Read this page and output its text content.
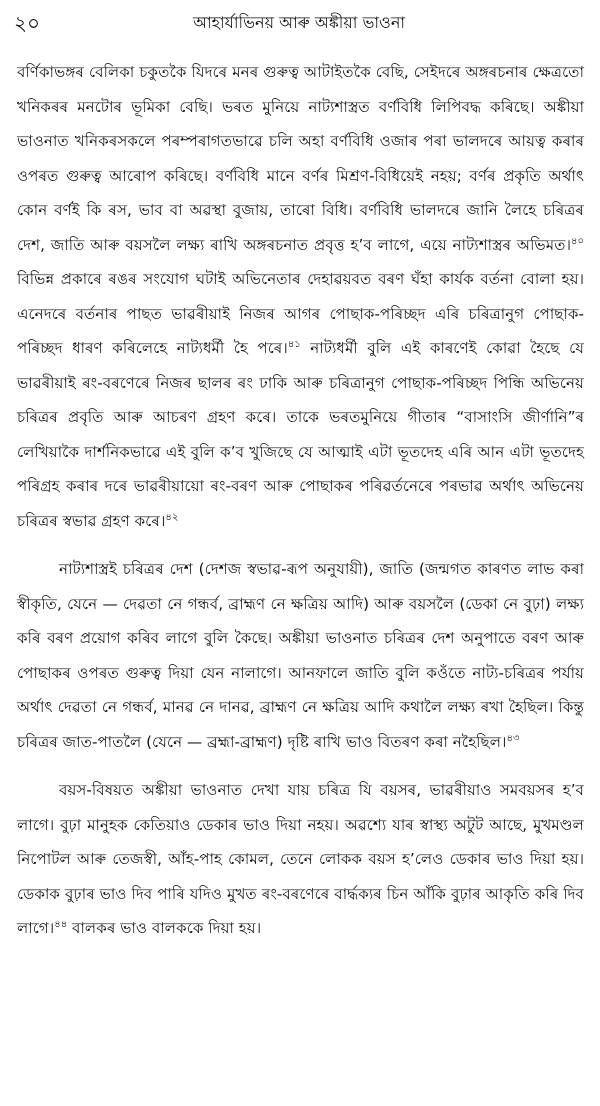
২০	আহাৰ্যাভিনয় আৰু অঙ্কীয়া ভাওনা

বৰ্ণিকাভঙ্গৰ বেলিকা চকুতকৈ যিদৰে মনৰ গুৰুত্ব আটাইতকৈ বেছি, সেইদৰে অঙ্গৰচনাৰ ক্ষেত্ৰতো খনিকৰৰ মনটোৰ ভূমিকা বেছি। ভৰত মুনিয়ে নাট্যশাস্ত্ৰত বৰ্ণবিধি লিপিবদ্ধ কৰিছে। অঙ্কীয়া ভাওনাত খনিকৰসকলে পৰম্পৰাগতভাৱে চলি অহা বৰ্ণবিধি ওজাৰ পৰা ভালদৰে আয়ত্ব কৰাৰ ওপৰত গুৰুত্ব আৰোপ কৰিছে। বৰ্ণবিধি মানে বৰ্ণৰ মিশ্ৰণ-বিধিয়েই নহয়; বৰ্ণৰ প্ৰকৃতি অৰ্থাৎ কোন বৰ্ণই কি ৰস, ভাব বা অৱস্থা বুজায়, তাৰো বিধি। বৰ্ণবিধি ভালদৰে জানি লৈহে চৰিত্ৰৰ দেশ, জাতি আৰু বয়সলৈ লক্ষ্য ৰাখি অঙ্গৰচনাত প্ৰবৃত্ত হ’ব লাগে, এয়ে নাট্যশাস্ত্ৰৰ অভিমত।$^{৪০}$ বিভিন্ন প্ৰকাৰে ৰঙৰ সংযোগ ঘটাই অভিনেতাৰ দেহাৱয়বত বৰণ ঘঁহা কাৰ্যক বৰ্তনা বোলা হয়। এনেদৰে বৰ্তনাৰ পাছত ভাৱৰীয়াই নিজৰ আগৰ পোছাক-পৰিচ্ছদ এৰি চৰিত্ৰানুগ পোছাক-পৰিচ্ছদ ধাৰণ কৰিলেহে নাট্যধৰ্মী হৈ পৰে।$^{৪১}$ নাট্যধৰ্মী বুলি এই কাৰণেই কোৱা হৈছে যে ভাৱৰীয়াই ৰং-বৰণেৰে নিজৰ ছালৰ ৰং ঢাকি আৰু চৰিত্ৰানুগ পোছাক-পৰিচ্ছদ পিন্ধি অভিনেয় চৰিত্ৰৰ প্ৰবৃতি আৰু আচৰণ গ্ৰহণ কৰে। তাকে ভৰতমুনিয়ে গীতাৰ “বাসাংসি জীৰ্ণানি”ৰ লেখিয়াকৈ দাৰ্শনিকভাৱে এই বুলি ক’ব খুজিছে যে আত্মাই এটা ভূতদেহ এৰি আন এটা ভূতদেহ পৰিগ্ৰহ কৰাৰ দৰে ভাৱৰীয়ায়ো ৰং-বৰণ আৰু পোছাকৰ পৰিৱৰ্তনেৰে পৰভাৱ অৰ্থাৎ অভিনেয় চৰিত্ৰৰ স্বভাৱ গ্ৰহণ কৰে।$^{৪২}$

নাট্যশাস্ত্ৰই চৰিত্ৰৰ দেশ (দেশজ স্বভাৱ-ৰূপ অনুযায়ী), জাতি (জন্মগত কাৰণত লাভ কৰা স্বীকৃতি, যেনে — দেৱতা নে গন্ধৰ্ব, ব্ৰাহ্মণ নে ক্ষত্ৰিয় আদি) আৰু বয়সলৈ (ডেকা নে বুঢ়া) লক্ষ্য কৰি বৰণ প্ৰয়োগ কৰিব লাগে বুলি কৈছে। অঙ্কীয়া ভাওনাত চৰিত্ৰৰ দেশ অনুপাতে বৰণ আৰু পোছাকৰ ওপৰত গুৰুত্ব দিয়া যেন নালাগে। আনফালে জাতি বুলি কওঁতে নাট্য-চৰিত্ৰৰ পৰ্যায় অৰ্থাৎ দেৱতা নে গন্ধৰ্ব, মানৱ নে দানৱ, ব্ৰাহ্মণ নে ক্ষত্ৰিয় আদি কথালৈ লক্ষ্য ৰখা হৈছিল। কিন্তু চৰিত্ৰৰ জাত-পাতলৈ (যেনে — ব্ৰহ্মা-ব্ৰাহ্মণ) দৃষ্টি ৰাখি ভাও বিতৰণ কৰা নহৈছিল।$^{৪৩}$

বয়স-বিষয়ত অঙ্কীয়া ভাওনাত দেখা যায় চৰিত্ৰ যি বয়সৰ, ভাৱৰীয়াও সমবয়সৰ হ’ব লাগে। বুঢ়া মানুহক কেতিয়াও ডেকাৰ ভাও দিয়া নহয়। অৱশ্যে যাৰ স্বাস্থ্য অটুট আছে, মুখমণ্ডল নিপোটল আৰু তেজস্বী, আঁহ-পাহ কোমল, তেনে লোকক বয়স হ’লেও ডেকাৰ ভাও দিয়া হয়। ডেকাক বুঢ়াৰ ভাও দিব পাৰি যদিও মুখত ৰং-বৰণেৰে বাৰ্দ্ধক্যৰ চিন আঁকি বুঢ়াৰ আকৃতি কৰি দিব লাগে।$^{৪৪}$ বালকৰ ভাও বালককে দিয়া হয়।
